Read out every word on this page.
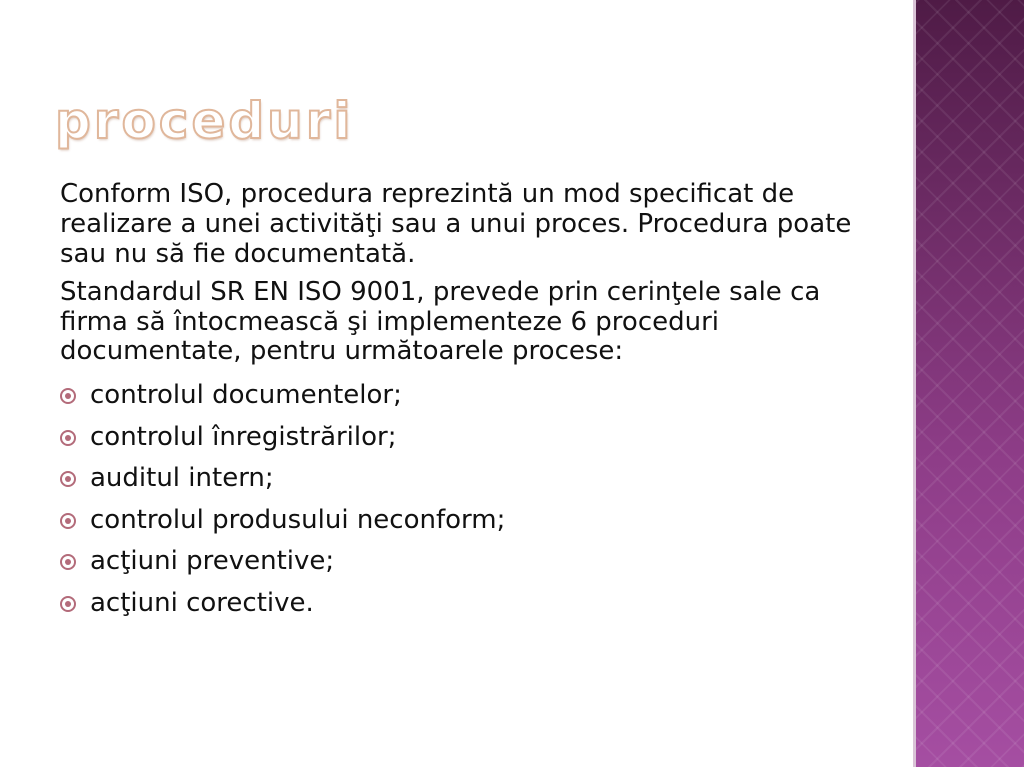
proceduri

Conform ISO, procedura reprezintă un mod specificat de realizare a unei activităţi sau a unui proces. Procedura poate sau nu să fie documentată.

Standardul SR EN ISO 9001, prevede prin cerinţele sale ca firma să întocmească şi implementeze 6 proceduri documentate, pentru următoarele procese:

controlul documentelor;
controlul înregistrărilor;
auditul intern;
controlul produsului neconform;
acţiuni preventive;
acţiuni corective.
